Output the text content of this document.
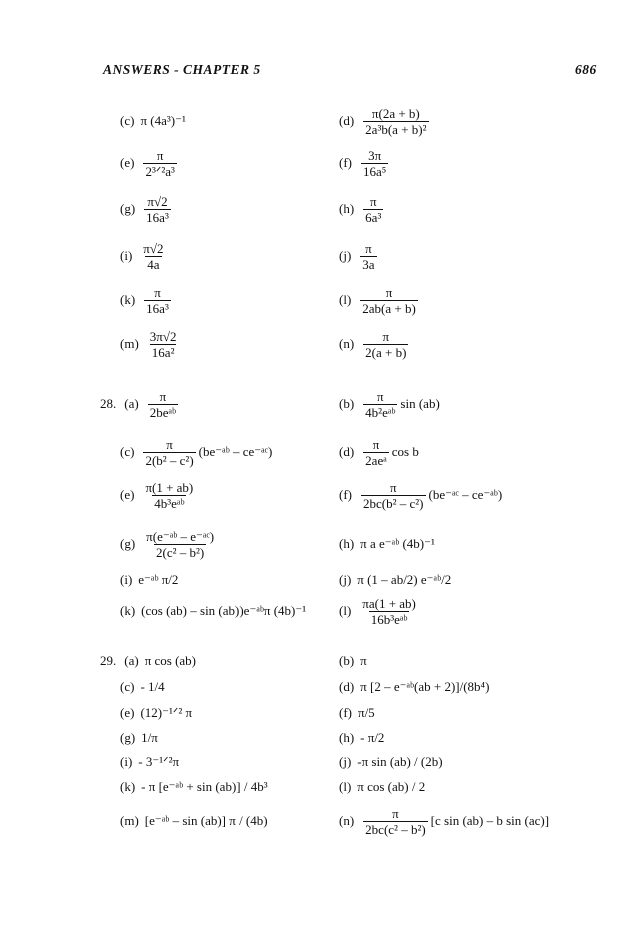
ANSWERS - CHAPTER 5	686
(c) π (4a³)⁻¹	$(d) \frac{\pi(2a + b)}{\text{2a³b(a + b)²}}$
$(e) \frac{\pi}{\text{2³ᐟ²a³}}$	$(f) \frac{3\pi}{\text{16a⁵}}$
$(g) \frac{\pi√2}{\text{16a³}}$	$(h) \frac{\pi}{\text{6a³}}$
$(i) \frac{\pi√2}{4a}$	$(j) \frac{\pi}{3a}$
$(k) \frac{\pi}{\text{16a³}}$	$(l) \frac{\pi}{2ab(a + b)}$
$(m) \frac{3\pi√2}{\text{16a²}}$	$(n) \frac{\pi}{2(a + b)}$
28. $(a) \frac{\pi}{\text{2beᵃᵇ}}$	$(b) \frac{\pi}{\text{4b²eᵃᵇ}}$ sin (ab)
$(c) \frac{\pi}{\text{2(b² – c²)}}$ (be⁻ᵃᵇ – ce⁻ᵃᶜ)	$(d) \frac{\pi}{\text{2aeᵃ}}$ cos b
$(e) \frac{\pi(1 + ab)}{\text{4b³eᵃᵇ}}$	$(f) \frac{\pi}{\text{2bc(b² – c²)}}$ (be⁻ᵃᶜ – ce⁻ᵃᵇ)
$(g) \frac{\text{π(e⁻ᵃᵇ – e⁻ᵃᶜ)}}{\text{2(c² – b²)}}$	(h) π a e⁻ᵃᵇ (4b)⁻¹
(i) e⁻ᵃᵇ π/2	(j) π (1 – ab/2) e⁻ᵃᵇ/2
(k) (cos (ab) – sin (ab))e⁻ᵃᵇπ (4b)⁻¹	$(l) \frac{\pi a(1 + ab)}{\text{16b³eᵃᵇ}}$
29. (a) π cos (ab)	(b) π
(c) - 1/4	(d) π [2 – e⁻ᵃᵇ(ab + 2)]/(8b⁴)
(e) (12)⁻¹ᐟ² π	(f) π/5
(g) 1/π	(h) - π/2
(i) - 3⁻¹ᐟ²π	(j) -π sin (ab) / (2b)
(k) - π [e⁻ᵃᵇ + sin (ab)] / 4b³	(l) π cos (ab) / 2
(m) [e⁻ᵃᵇ – sin (ab)] π / (4b)	$(n) \frac{\pi}{\text{2bc(c² – b²)}} [c$ sin (ab) – b sin (ac)]
